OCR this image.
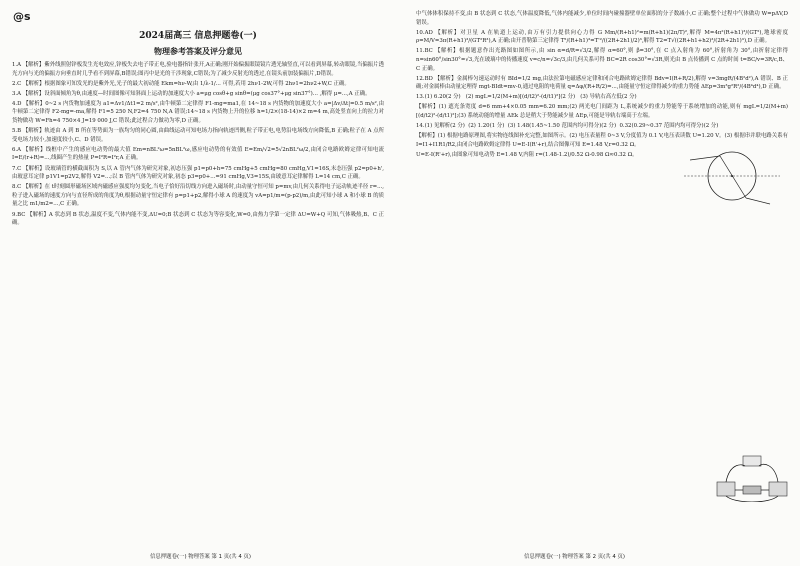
@s
2024届高三 信息押题卷(一)
物理参考答案及评分意见
1.A 【解析】紫外线照射锌板发生光电效应,锌板失去电子带正电,验电器指针张开,A正确;刚开始偏振眼镜镜片透光轴竖直,可以看到屏幕,转动眼镜,当偏振片透光方向与光的偏振方向垂直时几乎看不到屏幕,B错误;图丙中是光的干涉现象,C错误;为了减少反射光的透过,在镜头前加装偏振片,D错误。
2.C 【解析】根据图象可知发光的是紫外光,光子的最大初动能 Ekm=hν-W,由 1/λ-1/... 可得,若用 2hν1-2W,可得 2hν1=2hν2+W,C 正确。
3.A 【解析】设斜面倾角为θ,由速度—时间图像可知斜面上运动的加速度大小 a=μg cosθ+g sinθ=(μg cos37°+μg sin37°)... ,解得 μ=...,A 正确。
4.D 【解析】0~2 s 内货物加速度为 a1=Δv1/Δt1=2 m/s²,由牛顿第二定律得 F1-mg=ma1,在 14~18 s 内货物的加速度大小 a=|Δv/Δt|=0.5 m/s²,由牛顿第二定律得 F2-mg=-ma,解得 F1=5 250 N,F2=4 750 N,A 错误;14~18 s 内货物上升的位移 h=1/2×(18-14)×2 m=4 m,高处竖直向上的拉力对货物做功 W=Fh=4 750×4 J=19 000 J,C 错误;此过程合力做功为零,D 正确。
5.B 【解析】轨迹由 A 到 B 所在等势面为一族均匀的同心圆,由曲线运动可知电场力指向轨迹凹侧,粒子带正电,电势沿电场线方向降低,B 正确;粒子在 A 点所受电场力较小,加速度较小,C、D 错误。
6.A 【解析】线框中产生的感应电动势的最大值 Em=nBL²ω=5nBL²ω,感应电动势的有效值 E=Em/√2=5√2nBL²ω/2,由闭合电路欧姆定律可知电流 I=E/(r+R)=...,线圈产生的热量 P=I²R=I²r,A 正确。
7.C 【解析】设玻璃管的横截面积为 S,以 A 管内气体为研究对象,初态压强 p1=p0+h=75 cmHg+5 cmHg=80 cmHg,V1=16S,末态压强 p2=p0+h',由玻意耳定律 p1V1=p2V2,解得 V2=...;以 B 管内气体为研究对象,初态 p3=p0+...=91 cmHg,V3=15S,由玻意耳定律解得 L=14 cm,C 正确。
8.C 【解析】在 t时刻圆形磁场区域内磁感应强度均匀变化,当电子恰好沿切线方向进入磁场时,由动量守恒可知 p=mv,由几何关系得电子运动轨迹半径 r=...,粒子进入磁场的速度方向与直径所成的角度为θ,根据动量守恒定律有 p=p1+p2,解得小球 A 的速度为 vA=p1/m=(p-p2)/m,由此可知小球 A 和小球 B 的质量之比 m1/m2=...,C 正确。
9.BC 【解析】A 状态到 B 状态,温度不变,气体内能不变,ΔU=0;B 状态到 C 状态为等容变化,W=0,由热力学第一定律 ΔU=W+Q 可知,气体吸热,B、C 正确。
中气体体积保持不变,由 B 状态到 C 状态,气体温度降低,气体内能减少,单位时间内碰撞器壁单位面积的分子数减小,C 正确;整个过程中气体做功 W=pΔV,D 错误。
10.AD 【解析】对卫星 A 在轨道上运动,由万有引力提供向心力得 G Mm/(R+h1)²=m(R+h1)(2π/T)²,解得 M=4π²(R+h1)³/(GT²),地球密度 ρ=M/V=3π(R+h1)³/(GT²R³),A 正确;由开普勒第三定律得 T²/(R+h1)³=T'²/((2R+2h1)/2)³,解得 T2=T√((2R+h1+h2)³/(2R+2h1)³),D 正确。
11.BC 【解析】根据题意作出光路图如图所示,由 sin α=d/R=√3/2,解得 α=60°,则 β=30°,在 C 点入射角为 60°,折射角为 30°,由折射定律得 n=sin60°/sin30°=√3,光在玻璃中的传播速度 v=c/n=√3c/3,由几何关系可得 BC=2R cos30°=√3R,则光由 B 点传播到 C 点的时间 t=BC/v=3R/c,B、C 正确。
12.BD 【解析】金属棒匀速运动时有 BId=1/2 mg,由法拉第电磁感应定律和闭合电路欧姆定律得 Bdv=I(R+R/2),解得 v=3mgR/(4B²d²),A 错误、B 正确;对金属棒由动量定理得 mgt-BIdt=mv-0,通过电阻的电荷量 q=Δφ/(R+R/2)=...,由能量守恒定律得减少的重力势能 ΔEp=3m³g²R²/(4B⁴d⁴),D 正确。
13.(1) 6.20(2 分)   (2) mgL=1/2(M+m)[(d/t2)²-(d/t1)²](2 分)   (3) 导轨右高左低(2 分)
【解析】(1) 遮光条宽度 d=6 mm+4×0.05 mm=6.20 mm;(2) 两光电门间距为 L,系统减少的重力势能等于系统增加的动能,则有 mgL=1/2(M+m)[(d/t2)²-(d/t1)²];(3) 系统动能的增量 ΔEk 总是稍大于势能减少量 ΔEp,可能是导轨右端高于左端。
14.(1) 见解析(2 分)  (2) 1.20(1 分)  (3) 1.48(1.45~1.50 范围内均可得分)(2 分)  0.32(0.29~0.37 范围内均可得分)(2 分)
【解析】(1) 根据电路原理图,将实物连线图补充完整,如图所示。(2) 电压表量程 0~3 V,分度值为 0.1 V,电压表读数 U=1.20 V。(3) 根据串并联电路关系有 I=I1+I1R1/R2,由闭合电路欧姆定律得 U=E-I(R'+r),结合图像可知 E=1.48 V,r=0.32 Ω。
U=E-I(R'+r),由图象可知电动势 E=1.48 V,内阻 r=(1.48-1.2)/0.52 Ω-0.98 Ω≈0.32 Ω。
信息押题卷(一) 物理答案 第 1 页(共 4 页)	信息押题卷(一) 物理答案 第 2 页(共 4 页)
